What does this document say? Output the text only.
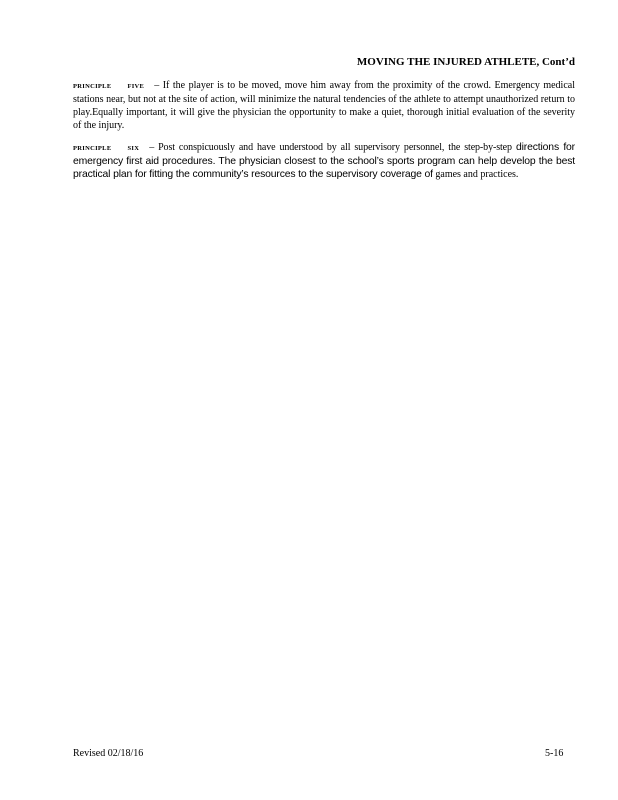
MOVING THE INJURED ATHLETE, Cont’d

PRINCIPLE FIVE – If the player is to be moved, move him away from the proximity of the crowd. Emergency medical stations near, but not at the site of action, will minimize the natural tendencies of the athlete to attempt unauthorized return to play.Equally important, it will give the physician the opportunity to make a quiet, thorough initial evaluation of the severity of the injury.

PRINCIPLE SIX – Post conspicuously and have understood by all supervisory personnel, the step-by-step directions for emergency first aid procedures. The physician closest to the school’s sports program can help develop the best practical plan for fitting the community’s resources to the supervisory coverage of games and practices.

Revised 02/18/16	5-16
